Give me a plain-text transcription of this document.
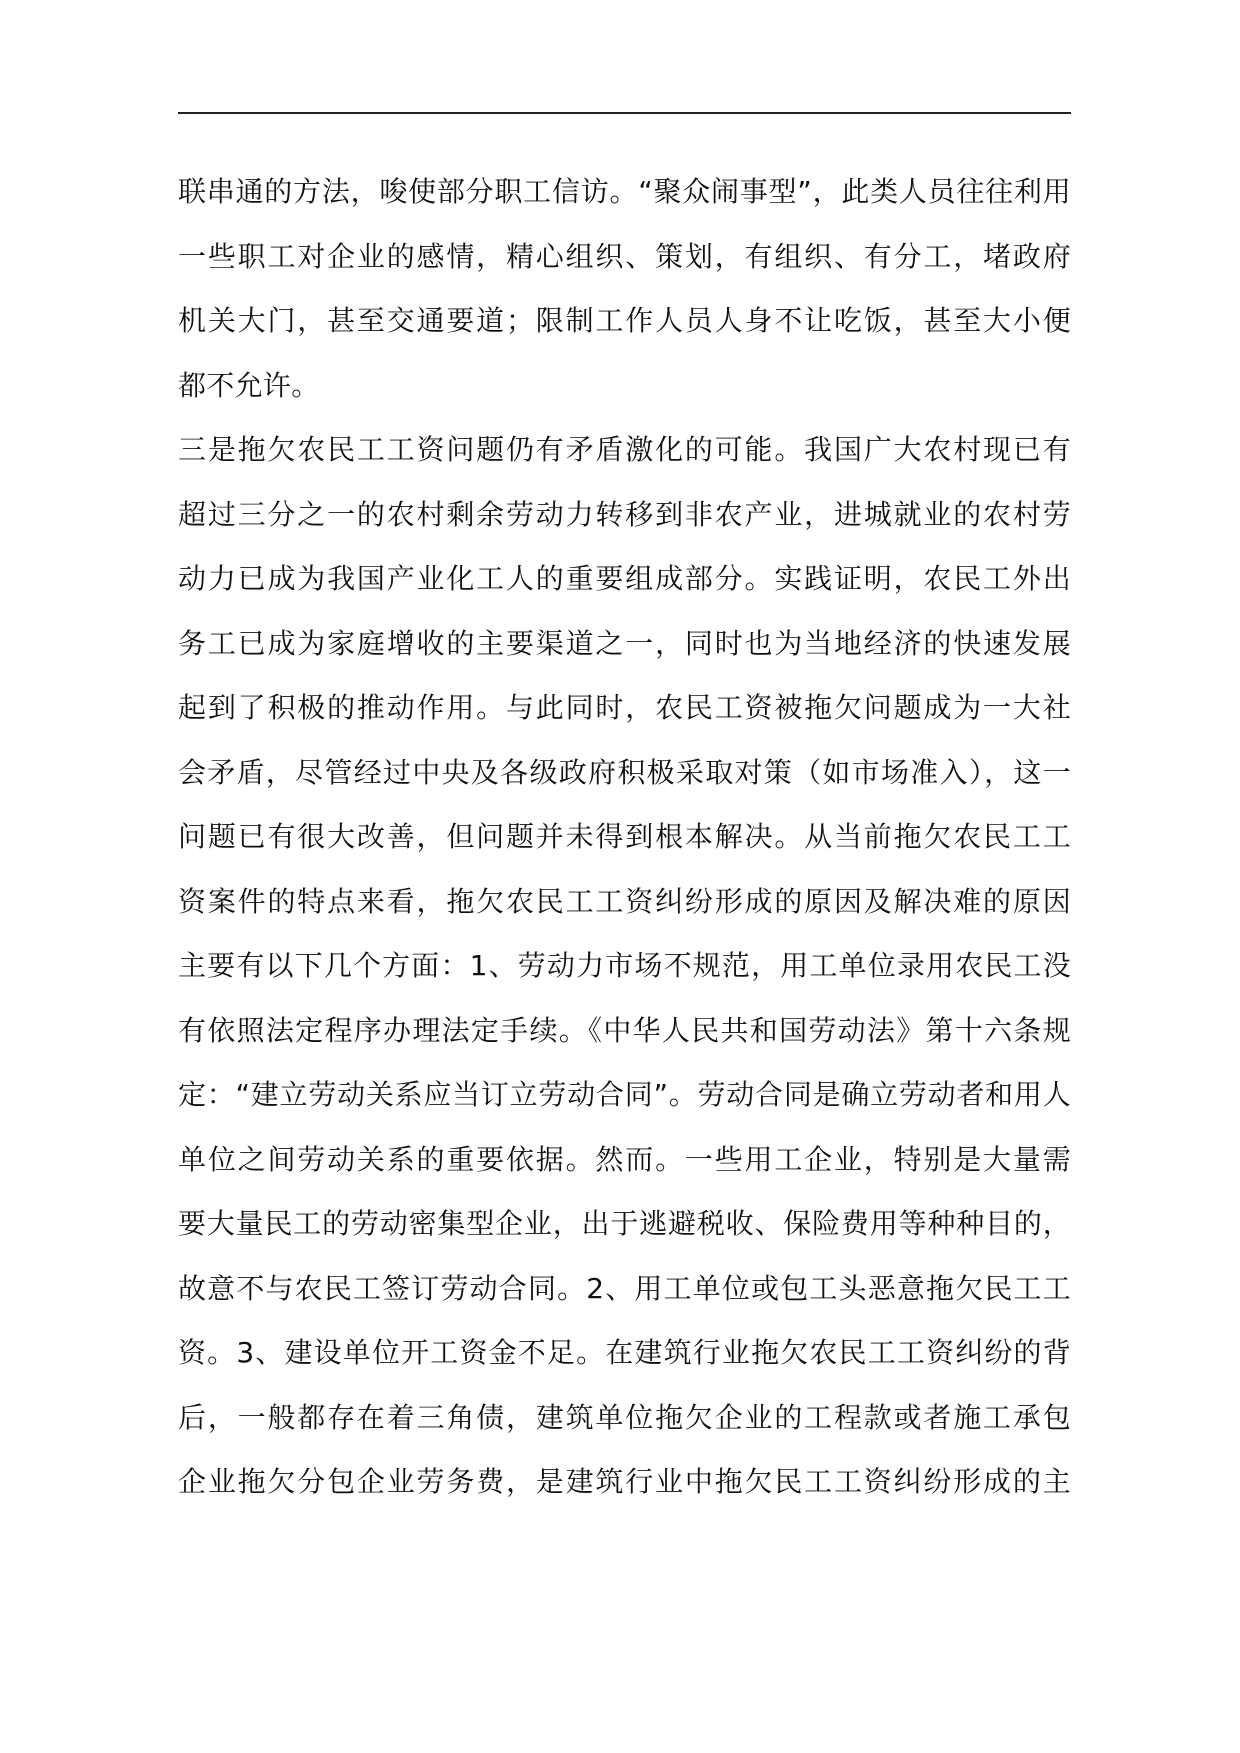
联串通的方法，唆使部分职工信访。“聚众闹事型”，此类人员往往利用
一些职工对企业的感情，精心组织、策划，有组织、有分工，堵政府
机关大门，甚至交通要道；限制工作人员人身不让吃饭，甚至大小便
都不允许。
三是拖欠农民工工资问题仍有矛盾激化的可能。我国广大农村现已有
超过三分之一的农村剩余劳动力转移到非农产业，进城就业的农村劳
动力已成为我国产业化工人的重要组成部分。实践证明，农民工外出
务工已成为家庭增收的主要渠道之一，同时也为当地经济的快速发展
起到了积极的推动作用。与此同时，农民工资被拖欠问题成为一大社
会矛盾，尽管经过中央及各级政府积极采取对策（如市场准入），这一
问题已有很大改善，但问题并未得到根本解决。从当前拖欠农民工工
资案件的特点来看，拖欠农民工工资纠纷形成的原因及解决难的原因
主要有以下几个方面：1、劳动力市场不规范，用工单位录用农民工没
有依照法定程序办理法定手续。《中华人民共和国劳动法》第十六条规
定：“建立劳动关系应当订立劳动合同”。劳动合同是确立劳动者和用人
单位之间劳动关系的重要依据。然而。一些用工企业，特别是大量需
要大量民工的劳动密集型企业，出于逃避税收、保险费用等种种目的，
故意不与农民工签订劳动合同。2、用工单位或包工头恶意拖欠民工工
资。3、建设单位开工资金不足。在建筑行业拖欠农民工工资纠纷的背
后，一般都存在着三角债，建筑单位拖欠企业的工程款或者施工承包
企业拖欠分包企业劳务费，是建筑行业中拖欠民工工资纠纷形成的主
